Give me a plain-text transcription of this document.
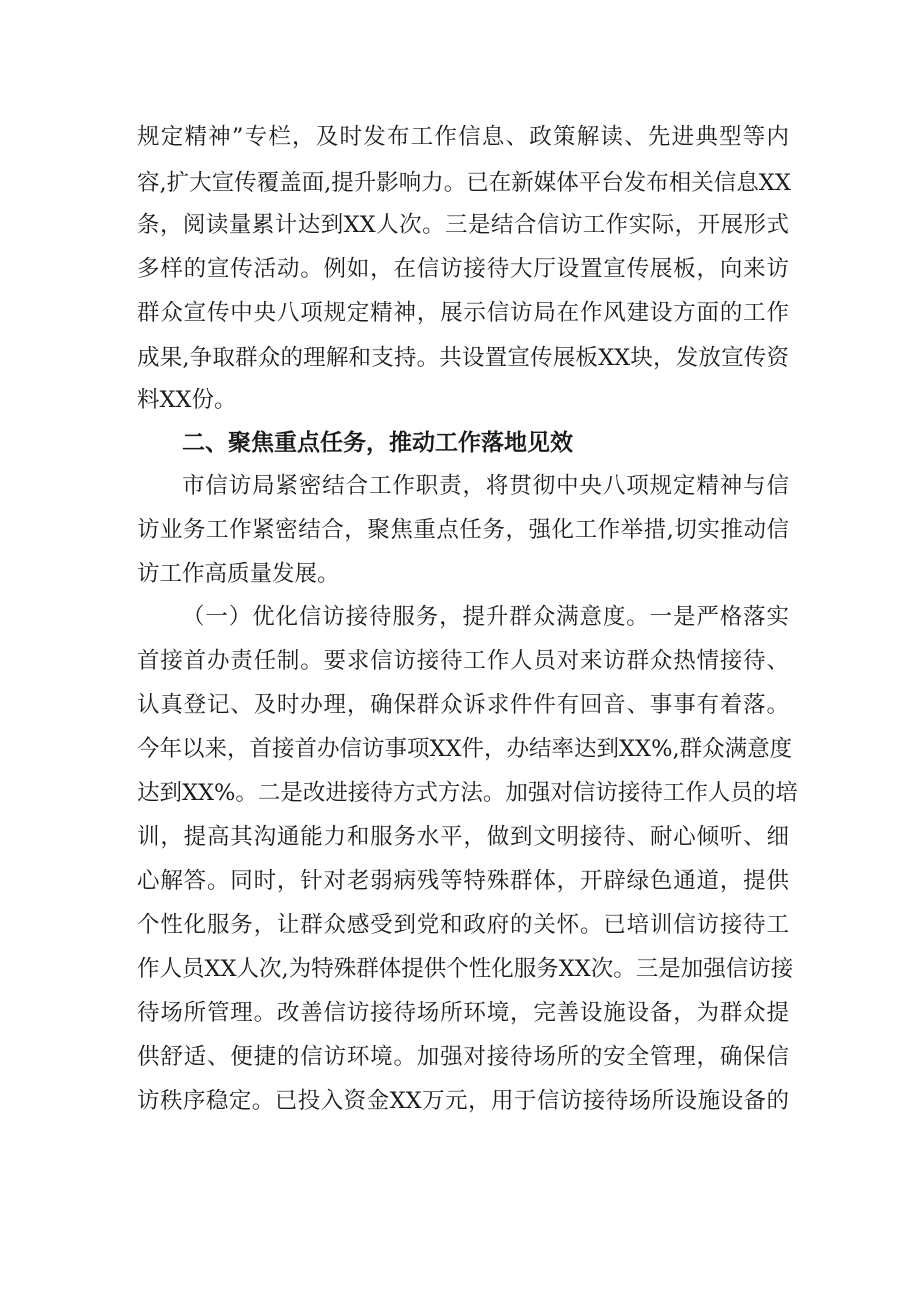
规定精神”专栏，及时发布工作信息、政策解读、先进典型等内
容,扩大宣传覆盖面,提升影响力。已在新媒体平台发布相关信息XX
条，阅读量累计达到XX人次。三是结合信访工作实际，开展形式
多样的宣传活动。例如，在信访接待大厅设置宣传展板，向来访
群众宣传中央八项规定精神，展示信访局在作风建设方面的工作
成果,争取群众的理解和支持。共设置宣传展板XX块，发放宣传资
料XX份。
二、聚焦重点任务，推动工作落地见效
市信访局紧密结合工作职责，将贯彻中央八项规定精神与信
访业务工作紧密结合，聚焦重点任务，强化工作举措,切实推动信
访工作高质量发展。
（一）优化信访接待服务，提升群众满意度。一是严格落实
首接首办责任制。要求信访接待工作人员对来访群众热情接待、
认真登记、及时办理，确保群众诉求件件有回音、事事有着落。
今年以来，首接首办信访事项XX件，办结率达到XX%,群众满意度
达到XX%。二是改进接待方式方法。加强对信访接待工作人员的培
训，提高其沟通能力和服务水平，做到文明接待、耐心倾听、细
心解答。同时，针对老弱病残等特殊群体，开辟绿色通道，提供
个性化服务，让群众感受到党和政府的关怀。已培训信访接待工
作人员XX人次,为特殊群体提供个性化服务XX次。三是加强信访接
待场所管理。改善信访接待场所环境，完善设施设备，为群众提
供舒适、便捷的信访环境。加强对接待场所的安全管理，确保信
访秩序稳定。已投入资金XX万元，用于信访接待场所设施设备的
